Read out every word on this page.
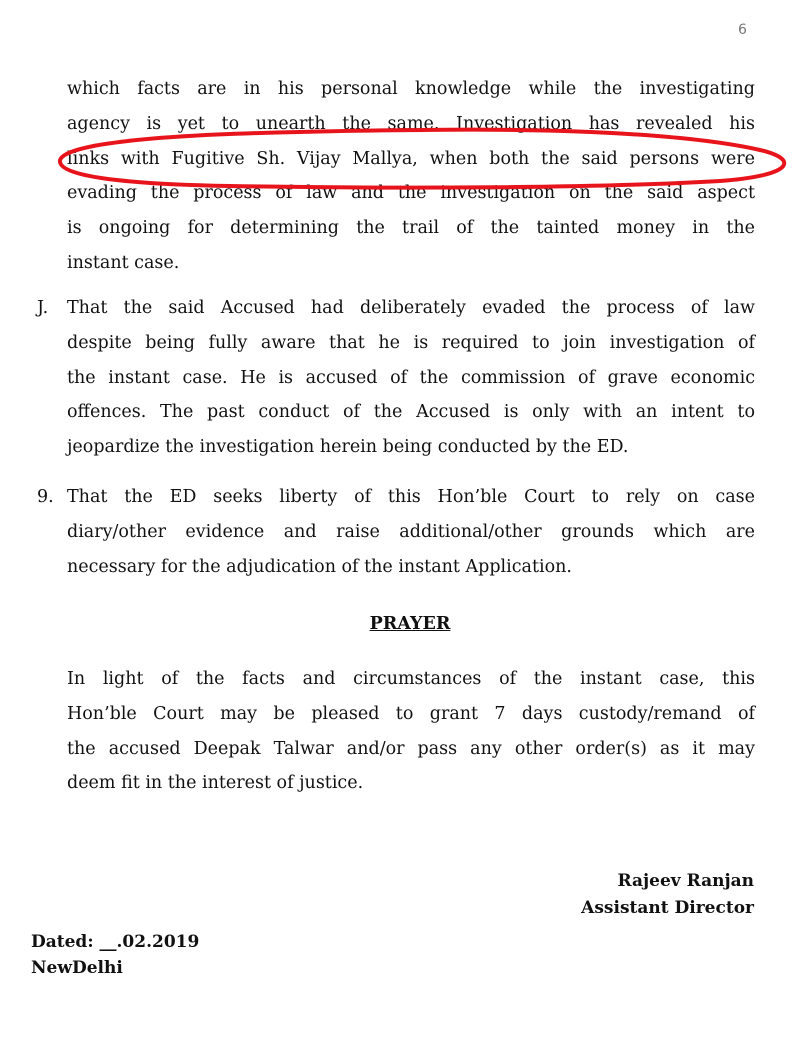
6
which facts are in his personal knowledge while the investigating
agency is yet to unearth the same. Investigation has revealed his
links with Fugitive Sh. Vijay Mallya, when both the said persons were
evading the process of law and the investigation on the said aspect
is ongoing for determining the trail of the tainted money in the
instant case.
J. That the said Accused had deliberately evaded the process of law
despite being fully aware that he is required to join investigation of
the instant case. He is accused of the commission of grave economic
offences. The past conduct of the Accused is only with an intent to
jeopardize the investigation herein being conducted by the ED.
9. That the ED seeks liberty of this Hon’ble Court to rely on case
diary/other evidence and raise additional/other grounds which are
necessary for the adjudication of the instant Application.
PRAYER
In light of the facts and circumstances of the instant case, this
Hon’ble Court may be pleased to grant 7 days custody/remand of
the accused Deepak Talwar and/or pass any other order(s) as it may
deem fit in the interest of justice.
Rajeev Ranjan
Assistant Director
Dated: __.02.2019
NewDelhi
